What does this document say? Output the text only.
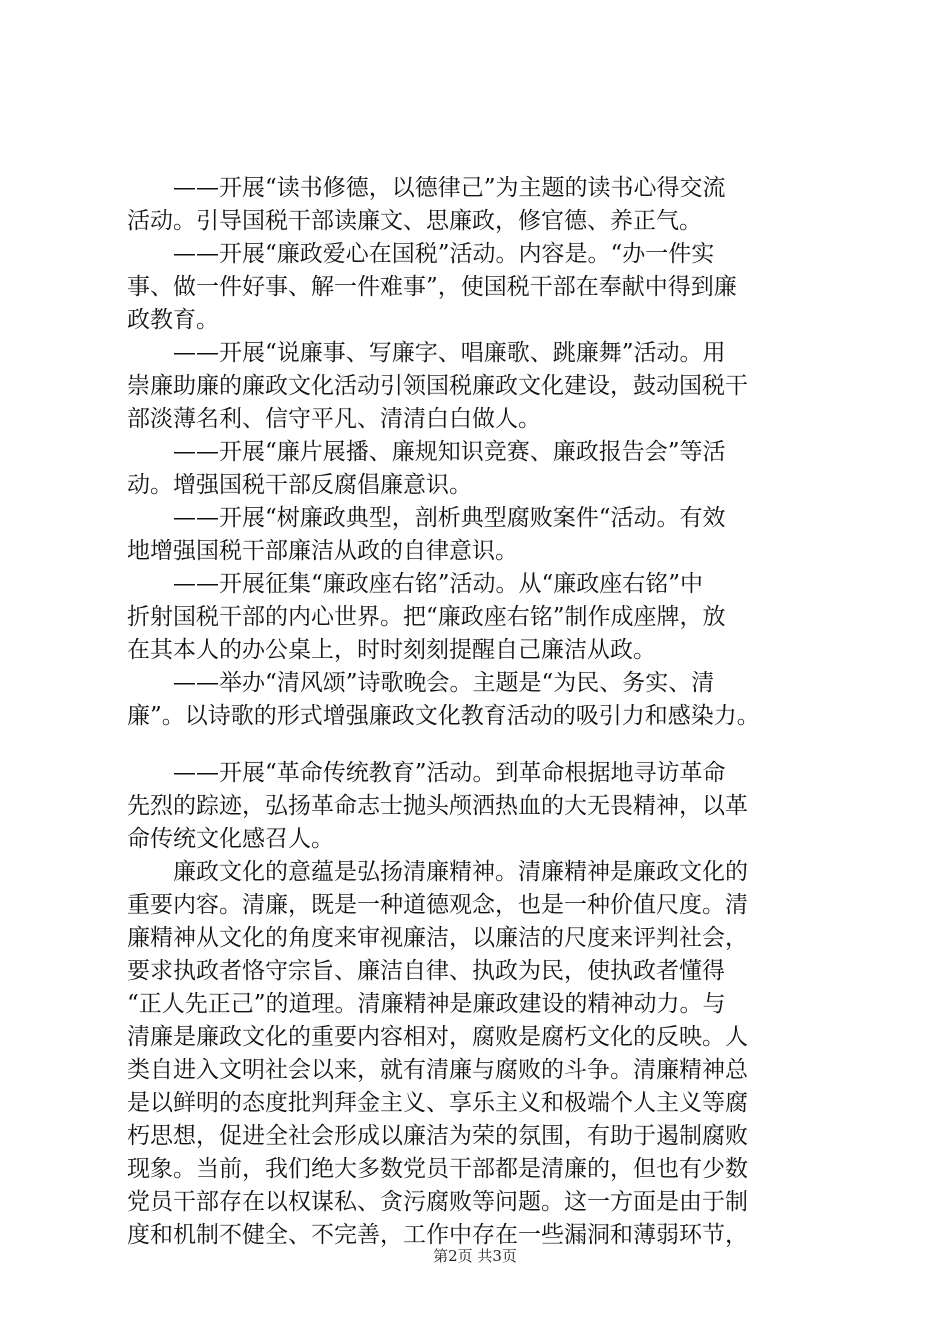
　　——开展“读书修德，以德律己”为主题的读书心得交流
活动。引导国税干部读廉文、思廉政，修官德、养正气。
　　——开展“廉政爱心在国税”活动。内容是。“办一件实
事、做一件好事、解一件难事”，使国税干部在奉献中得到廉
政教育。
　　——开展“说廉事、写廉字、唱廉歌、跳廉舞”活动。用
崇廉助廉的廉政文化活动引领国税廉政文化建设，鼓动国税干
部淡薄名利、信守平凡、清清白白做人。
　　——开展“廉片展播、廉规知识竞赛、廉政报告会”等活
动。增强国税干部反腐倡廉意识。
　　——开展“树廉政典型，剖析典型腐败案件“活动。有效
地增强国税干部廉洁从政的自律意识。
　　——开展征集“廉政座右铭”活动。从“廉政座右铭”中
折射国税干部的内心世界。把“廉政座右铭”制作成座牌，放
在其本人的办公桌上，时时刻刻提醒自己廉洁从政。
　　——举办“清风颂”诗歌晚会。主题是“为民、务实、清
廉”。以诗歌的形式增强廉政文化教育活动的吸引力和感染力。
　　——开展“革命传统教育”活动。到革命根据地寻访革命
先烈的踪迹，弘扬革命志士抛头颅洒热血的大无畏精神，以革
命传统文化感召人。
　　廉政文化的意蕴是弘扬清廉精神。清廉精神是廉政文化的
重要内容。清廉，既是一种道德观念，也是一种价值尺度。清
廉精神从文化的角度来审视廉洁，以廉洁的尺度来评判社会，
要求执政者恪守宗旨、廉洁自律、执政为民，使执政者懂得
“正人先正己”的道理。清廉精神是廉政建设的精神动力。与
清廉是廉政文化的重要内容相对，腐败是腐朽文化的反映。人
类自进入文明社会以来，就有清廉与腐败的斗争。清廉精神总
是以鲜明的态度批判拜金主义、享乐主义和极端个人主义等腐
朽思想，促进全社会形成以廉洁为荣的氛围，有助于遏制腐败
现象。当前，我们绝大多数党员干部都是清廉的，但也有少数
党员干部存在以权谋私、贪污腐败等问题。这一方面是由于制
度和机制不健全、不完善，工作中存在一些漏洞和薄弱环节，
第2页 共3页
